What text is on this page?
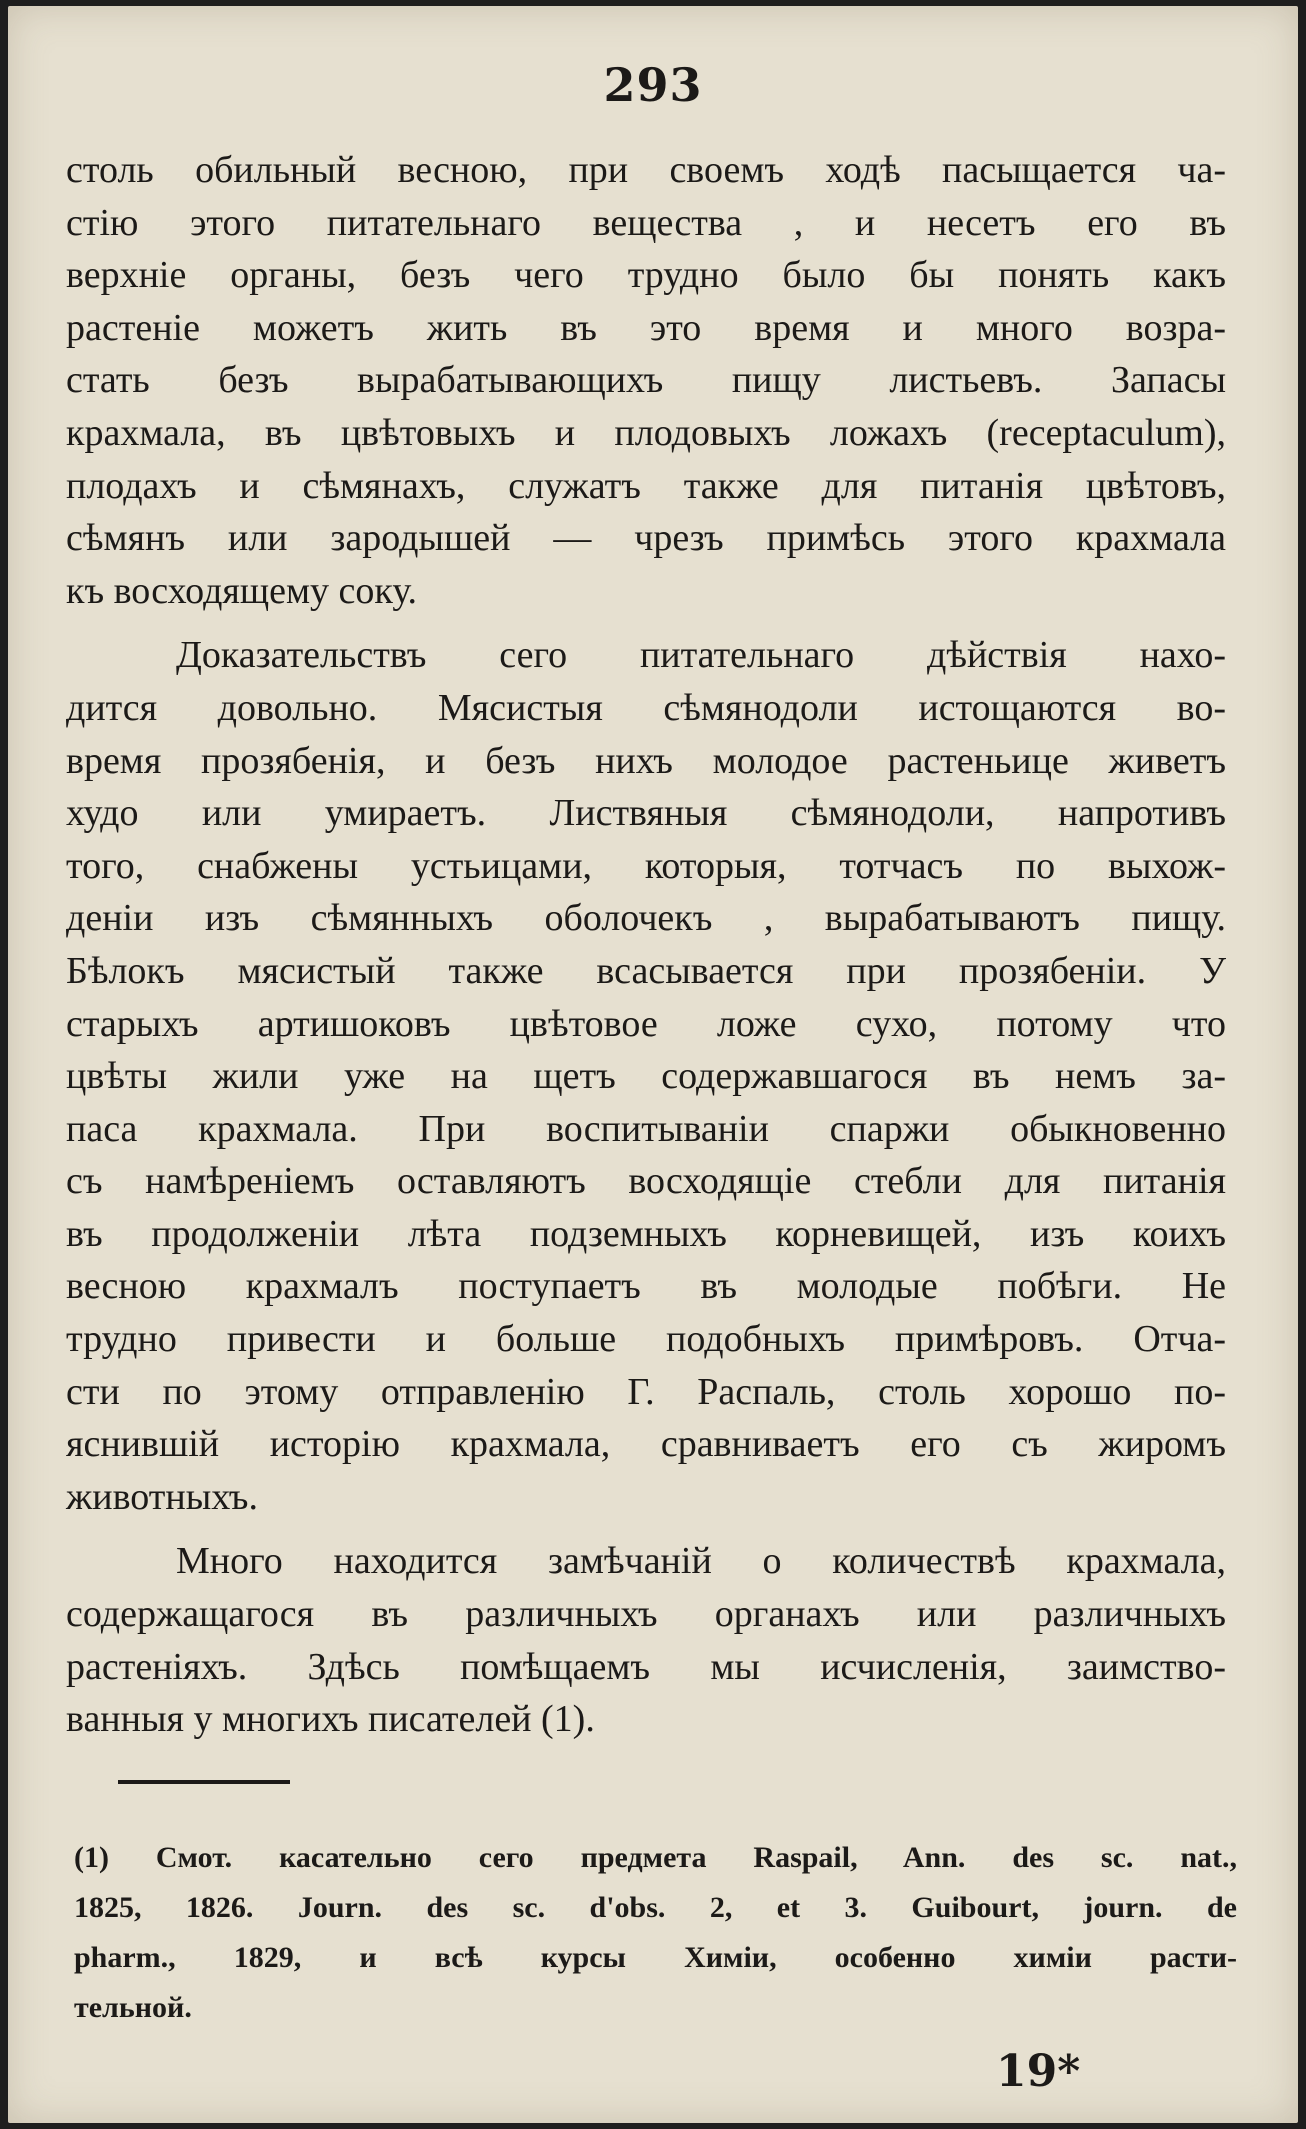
293
столь обильный весною, при своемъ ходѣ пасыщается ча-
стію этого питательнаго вещества , и несетъ его въ
верхніе органы, безъ чего трудно было бы понять какъ
растеніе можетъ жить въ это время и много возра-
стать безъ вырабатывающихъ пищу листьевъ. Запасы
крахмала, въ цвѣтовыхъ и плодовыхъ ложахъ (receptaculum),
плодахъ и сѣмянахъ, служатъ также для питанія цвѣтовъ,
сѣмянъ или зародышей — чрезъ примѣсь этого крахмала
къ восходящему соку.
Доказательствъ сего питательнаго дѣйствія нахо-
дится довольно. Мясистыя сѣмянодоли истощаются во-
время прозябенія, и безъ нихъ молодое растеньице живетъ
худо или умираетъ. Листвяныя сѣмянодоли, напротивъ
того, снабжены устьицами, которыя, тотчасъ по выхож-
деніи изъ сѣмянныхъ оболочекъ , вырабатываютъ пищу.
Бѣлокъ мясистый также всасывается при прозябеніи. У
старыхъ артишоковъ цвѣтовое ложе сухо, потому что
цвѣты жили уже на щетъ содержавшагося въ немъ за-
паса крахмала. При воспитываніи спаржи обыкновенно
съ намѣреніемъ оставляютъ восходящіе стебли для питанія
въ продолженіи лѣта подземныхъ корневищей, изъ коихъ
весною крахмалъ поступаетъ въ молодые побѣги. Не
трудно привести и больше подобныхъ примѣровъ. Отча-
сти по этому отправленію Г. Распаль, столь хорошо по-
яснившій исторію крахмала, сравниваетъ его съ жиромъ
животныхъ.
Много находится замѣчаній о количествѣ крахмала,
содержащагося въ различныхъ органахъ или различныхъ
растеніяхъ. Здѣсь помѣщаемъ мы исчисленія, заимство-
ванныя у многихъ писателей (1).
(1) Смот. касательно сего предмета Raspail, Ann. des sc. nat.,
1825, 1826. Journ. des sc. d'obs. 2, et 3. Guibourt, journ. de
pharm., 1829, и всѣ курсы Химіи, особенно химіи расти-
тельной.
19*
